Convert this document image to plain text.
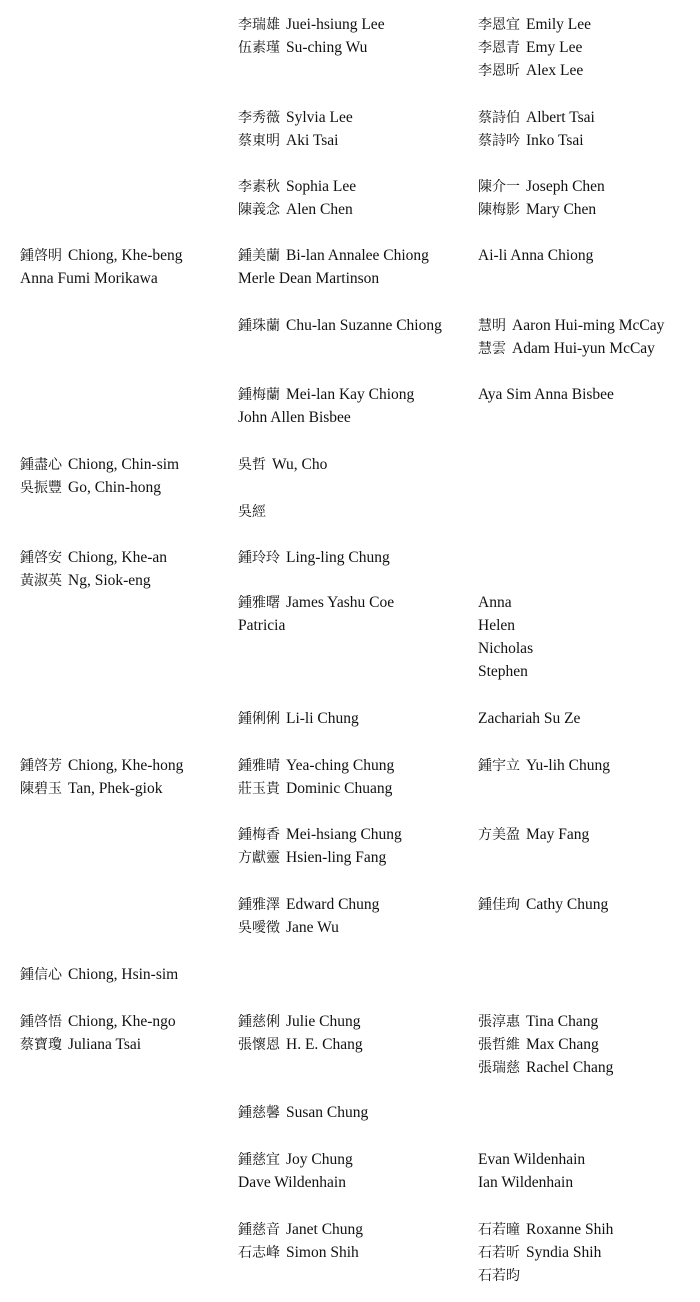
李瑞雄 Juei-hsiung Lee
伍素瑾 Su-ching Wu
李恩宜 Emily Lee
李恩青 Emy Lee
李恩昕 Alex Lee
李秀薇 Sylvia Lee
蔡東明 Aki Tsai
蔡詩伯 Albert Tsai
蔡詩吟 Inko Tsai
李素秋 Sophia Lee
陳義念 Alen Chen
陳介一 Joseph Chen
陳梅影 Mary Chen
鍾啓明 Chiong, Khe-beng
Anna Fumi Morikawa
鍾美蘭 Bi-lan Annalee Chiong
Merle Dean Martinson
Ai-li Anna Chiong
鍾珠蘭 Chu-lan Suzanne Chiong	慧明 Aaron Hui-ming McCay
慧雲 Adam Hui-yun McCay
鍾梅蘭 Mei-lan Kay Chiong
John Allen Bisbee
Aya Sim Anna Bisbee
鍾盡心 Chiong, Chin-sim
吳振豐 Go, Chin-hong
吳哲 Wu, Cho
吳經
鍾啓安 Chiong, Khe-an
黃淑英 Ng, Siok-eng
鍾玲玲 Ling-ling Chung
鍾雅曙 James Yashu Coe
Patricia
Anna
Helen
Nicholas
Stephen
鍾俐俐 Li-li Chung	Zachariah Su Ze
鍾啓芳 Chiong, Khe-hong
陳碧玉 Tan, Phek-giok
鍾雅晴 Yea-ching Chung
莊玉貴 Dominic Chuang
鍾宇立 Yu-lih Chung
鍾梅香 Mei-hsiang Chung
方獻靈 Hsien-ling Fang
方美盈 May Fang
鍾雅澤 Edward Chung
吳噯徵 Jane Wu
鍾佳珣 Cathy Chung
鍾信心 Chiong, Hsin-sim
鍾啓悟 Chiong, Khe-ngo
蔡寶瓊 Juliana Tsai
鍾慈俐 Julie Chung
張懷恩 H. E. Chang
張淳惠 Tina Chang
張哲維 Max Chang
張瑞慈 Rachel Chang
鍾慈馨 Susan Chung
鍾慈宜 Joy Chung
Dave Wildenhain
Evan Wildenhain
Ian Wildenhain
鍾慈音 Janet Chung
石志峰 Simon Shih
石若曈 Roxanne Shih
石若昕 Syndia Shih
石若昀
